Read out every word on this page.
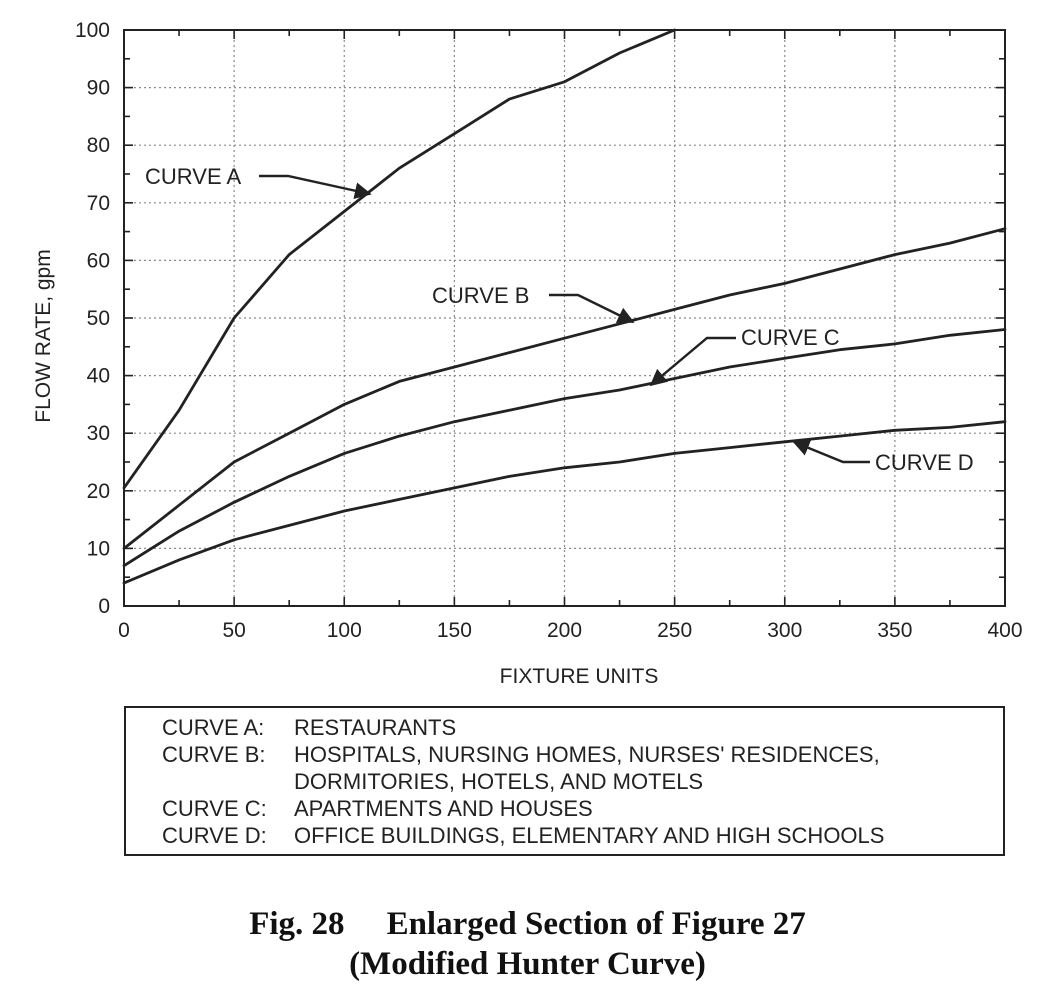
0	50	100	150	200	250	300	350	400
0
10
20
30
40
50
60
70
80
90
100
CURVE A
CURVE B
CURVE C
CURVE D
FIXTURE UNITS
FLOW RATE, gpm
CURVE A:	RESTAURANTS
CURVE B:	HOSPITALS, NURSING HOMES, NURSES' RESIDENCES,
DORMITORIES, HOTELS, AND MOTELS
CURVE C:	APARTMENTS AND HOUSES
CURVE D:	OFFICE BUILDINGS, ELEMENTARY AND HIGH SCHOOLS
Fig. 28 Enlarged Section of Figure 27
(Modified Hunter Curve)
